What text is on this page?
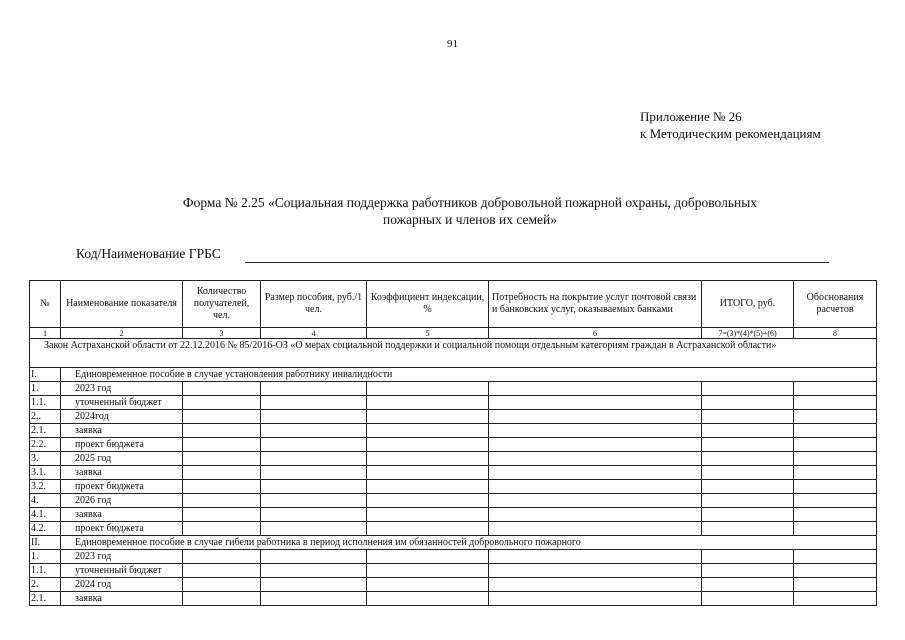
91
Приложение № 26
к Методическим рекомендациям
Форма № 2.25 «Социальная поддержка работников добровольной пожарной охраны, добровольных
пожарных и членов их семей»
Код/Наименование ГРБС
№	Наименование показателя	Количество получателей, чел.	Размер пособия, руб./1 чел.	Коэффициент индексации, %	Потребность на покрытие услуг почтовой связи и банковских услуг, оказываемых банками	ИТОГО, руб.	Обоснования расчетов
1	2	3	4	5	6	7=(3)*(4)*(5)+(6)	8
Закон Астраханской области от 22.12.2016 № 85/2016-ОЗ «О мерах социальной поддержки и социальной помощи отдельным категориям граждан в Астраханской области»							
I.	Единовременное пособие в случае установления работнику инвалидности						
1.	2023 год						
1.1.	уточненный бюджет						
2..	2024год						
2.1.	заявка						
2.2.	проект бюджета						
3.	2025 год						
3.1.	заявка						
3.2.	проект бюджета						
4.	2026 год						
4.1.	заявка						
4.2.	проект бюджета						
II.	Единовременное пособие в случае гибели работника в период исполнения им обязанностей добровольного пожарного						
1.	2023 год						
1.1.	уточненный бюджет						
2.	2024 год						
2.1.	заявка						
